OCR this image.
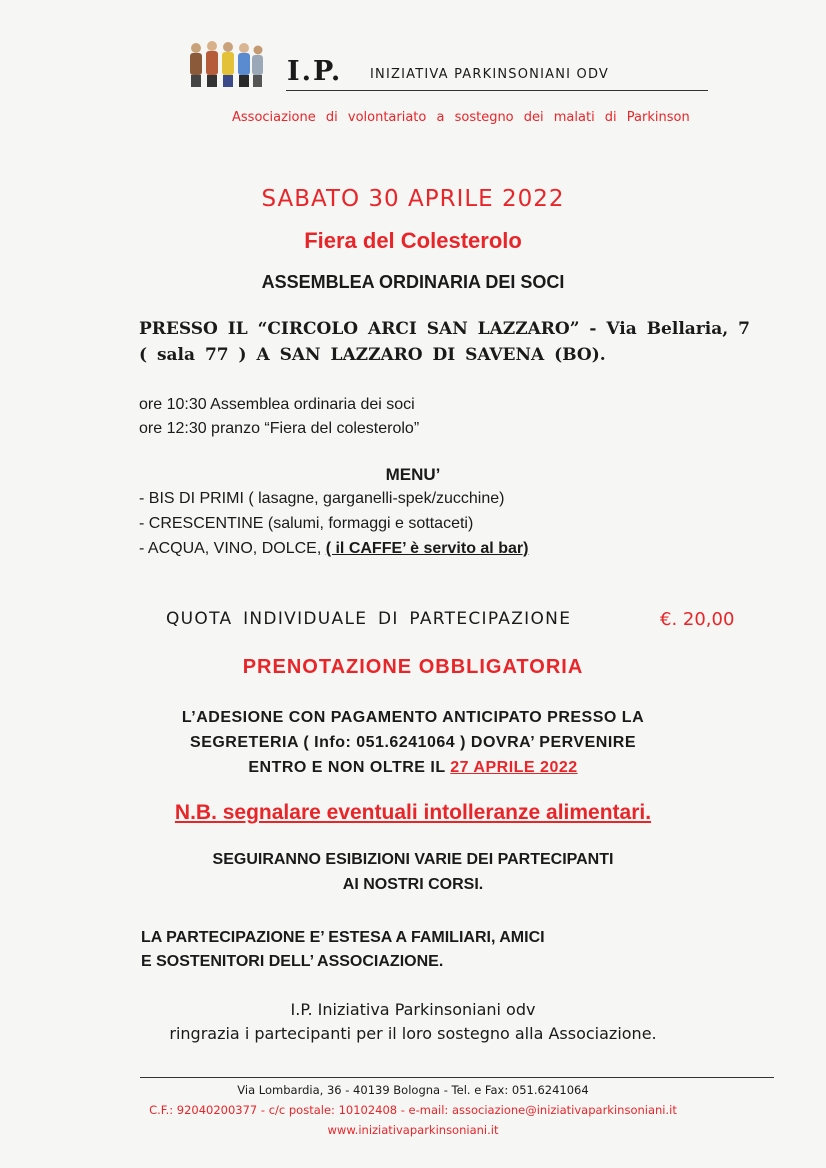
I.P. INIZIATIVA PARKINSONIANI ODV
Associazione di volontariato a sostegno dei malati di Parkinson
SABATO 30 APRILE 2022
Fiera del Colesterolo
ASSEMBLEA ORDINARIA DEI SOCI
PRESSO IL “CIRCOLO ARCI SAN LAZZARO” - Via Bellaria, 7
( sala 77 ) A SAN LAZZARO DI SAVENA (BO).
ore 10:30 Assemblea ordinaria dei soci
ore 12:30 pranzo “Fiera del colesterolo”
MENU’
- BIS DI PRIMI ( lasagne, garganelli-spek/zucchine)
- CRESCENTINE (salumi, formaggi e sottaceti)
- ACQUA, VINO, DOLCE, ( il CAFFE’ è servito al bar)
QUOTA INDIVIDUALE DI PARTECIPAZIONE	€. 20,00
PRENOTAZIONE OBBLIGATORIA
L’ADESIONE CON PAGAMENTO ANTICIPATO PRESSO LA
SEGRETERIA ( Info: 051.6241064 ) DOVRA’ PERVENIRE
ENTRO E NON OLTRE IL 27 APRILE 2022
N.B. segnalare eventuali intolleranze alimentari.
SEGUIRANNO ESIBIZIONI VARIE DEI PARTECIPANTI
AI NOSTRI CORSI.
LA PARTECIPAZIONE E’ ESTESA A FAMILIARI, AMICI
E SOSTENITORI DELL’ ASSOCIAZIONE.
I.P. Iniziativa Parkinsoniani odv
ringrazia i partecipanti per il loro sostegno alla Associazione.
Via Lombardia, 36 - 40139 Bologna - Tel. e Fax: 051.6241064
C.F.: 92040200377 - c/c postale: 10102408 - e-mail: associazione@iniziativaparkinsoniani.it
www.iniziativaparkinsoniani.it
